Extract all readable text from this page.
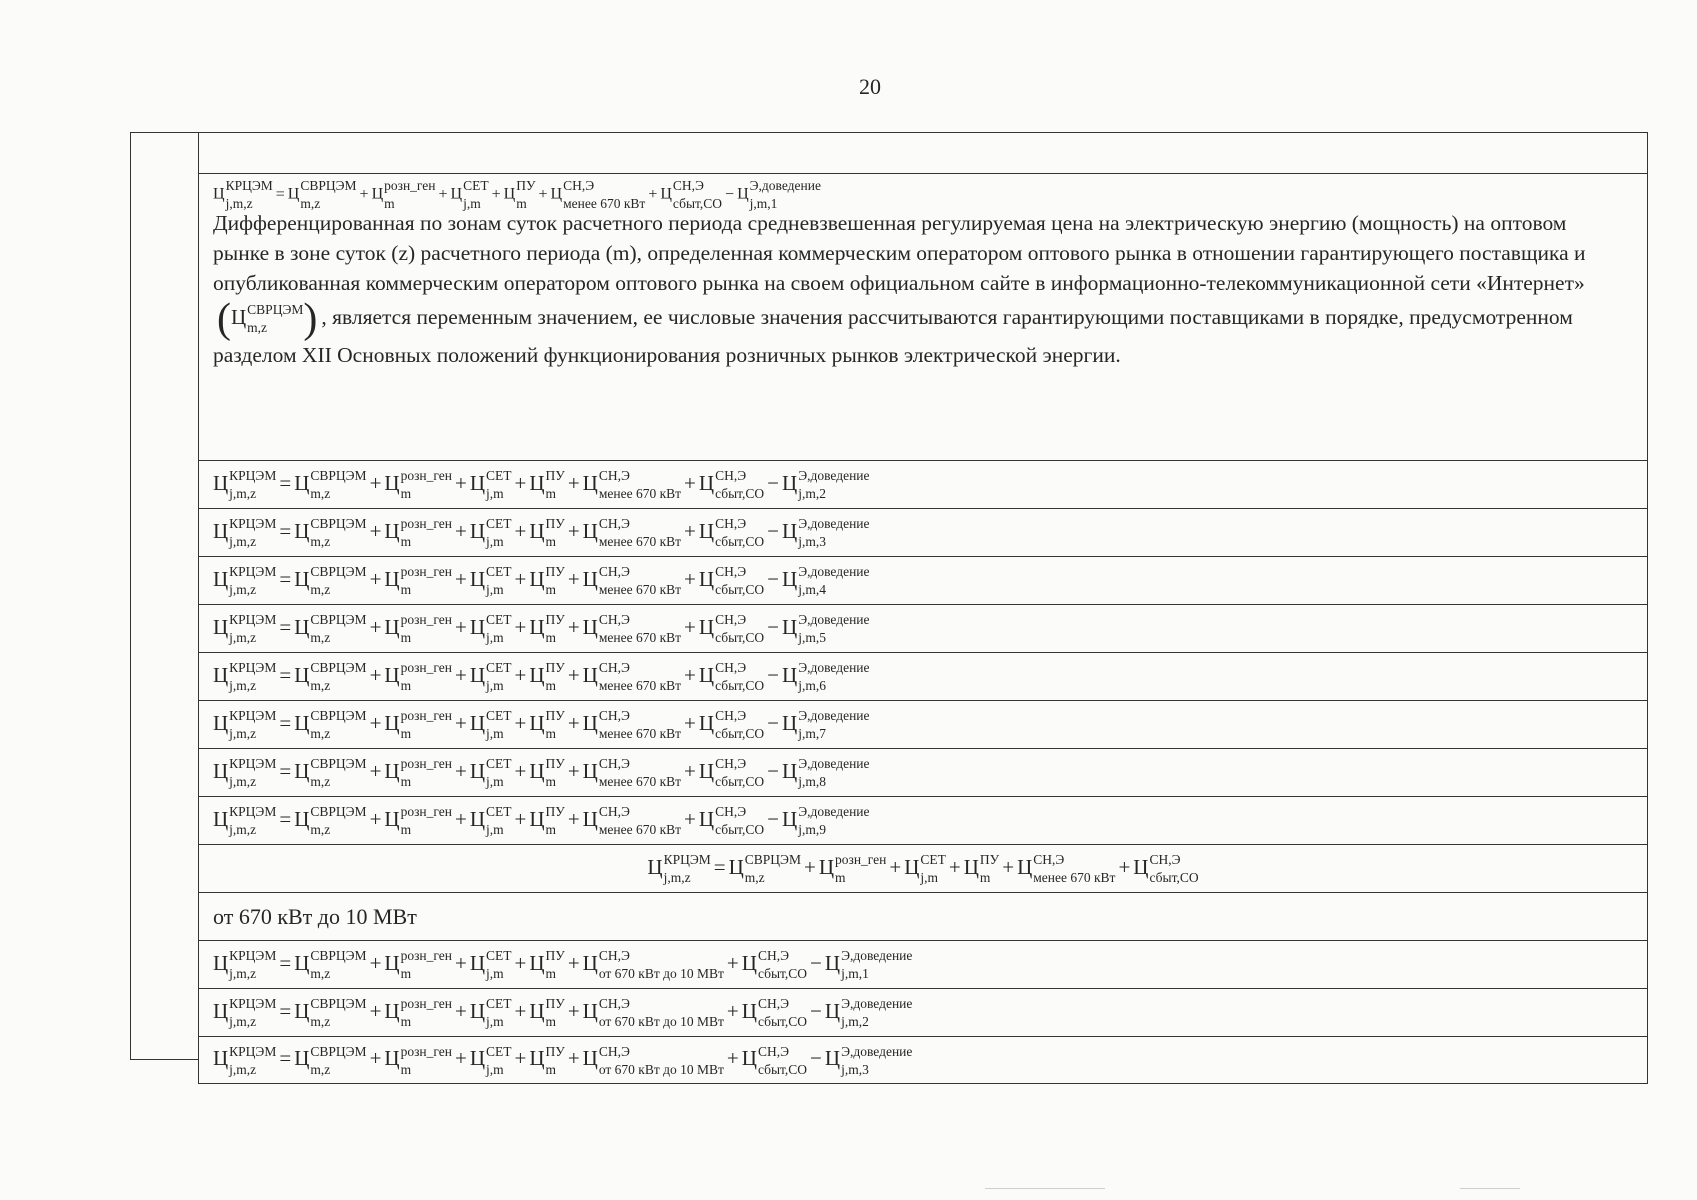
20
Ц
КРЦЭМ
j,m,z
= Ц
СВРЦЭМ
m,z
+ Ц
розн_ген
m
+ Ц
СЕТ
j,m
+ Ц
ПУ
m
+ Ц
СН,Э
менее 670 кВт
+ Ц
СН,Э
сбыт,СО
− Ц
Э,доведение
j,m,1
Дифференцированная по зонам суток расчетного периода средневзвешенная регулируемая цена на электрическую энергию (мощность) на оптовом рынке в зоне суток (z) расчетного периода (m), определенная коммерческим оператором оптового рынка в отношении гарантирующего поставщика и опубликованная коммерческим оператором оптового рынка на своем официальном сайте в информационно-телекоммуникационной сети «Интернет»(Ц СВРЦЭМ
m,z ) , является переменным значением, ее числовые значения рассчитываются гарантирующими поставщиками в порядке, предусмотренном разделом XII Основных положений функционирования розничных рынков электрической энергии.
Ц КРЦЭМ
j,m,z	= Ц СВРЦЭМ
m,z	+ Ц розн_ген
m	+ Ц СЕТ
j,m + Ц ПУ
m + Ц СН,Э
менее 670 кВт + Ц СН,Э
сбыт,СО − Ц Э,доведение
j,m,2
Ц КРЦЭМ
j,m,z	= Ц СВРЦЭМ
m,z	+ Ц розн_ген
m	+ Ц СЕТ
j,m + Ц ПУ
m + Ц СН,Э
менее 670 кВт + Ц СН,Э
сбыт,СО − Ц Э,доведение
j,m,3
Ц КРЦЭМ
j,m,z	= Ц СВРЦЭМ
m,z	+ Ц розн_ген
m	+ Ц СЕТ
j,m + Ц ПУ
m + Ц СН,Э
менее 670 кВт + Ц СН,Э
сбыт,СО − Ц Э,доведение
j,m,4
Ц КРЦЭМ
j,m,z	= Ц СВРЦЭМ
m,z	+ Ц розн_ген
m	+ Ц СЕТ
j,m + Ц ПУ
m + Ц СН,Э
менее 670 кВт + Ц СН,Э
сбыт,СО − Ц Э,доведение
j,m,5
Ц КРЦЭМ
j,m,z	= Ц СВРЦЭМ
m,z	+ Ц розн_ген
m	+ Ц СЕТ
j,m + Ц ПУ
m + Ц СН,Э
менее 670 кВт + Ц СН,Э
сбыт,СО − Ц Э,доведение
j,m,6
Ц КРЦЭМ
j,m,z	= Ц СВРЦЭМ
m,z	+ Ц розн_ген
m	+ Ц СЕТ
j,m + Ц ПУ
m + Ц СН,Э
менее 670 кВт + Ц СН,Э
сбыт,СО − Ц Э,доведение
j,m,7
Ц КРЦЭМ
j,m,z	= Ц СВРЦЭМ
m,z	+ Ц розн_ген
m	+ Ц СЕТ
j,m + Ц ПУ
m + Ц СН,Э
менее 670 кВт + Ц СН,Э
сбыт,СО − Ц Э,доведение
j,m,8
Ц КРЦЭМ
j,m,z	= Ц СВРЦЭМ
m,z	+ Ц розн_ген
m	+ Ц СЕТ
j,m + Ц ПУ
m + Ц СН,Э
менее 670 кВт + Ц СН,Э
сбыт,СО − Ц Э,доведение
j,m,9
Ц КРЦЭМ
j,m,z	= Ц СВРЦЭМ
m,z	+ Ц розн_ген
m	+ Ц СЕТ
j,m + Ц ПУ
m + Ц СН,Э
менее 670 кВт + Ц СН,Э
сбыт,СО
от 670 кВт до 10 МВт
Ц КРЦЭМ
j,m,z	= Ц СВРЦЭМ
m,z	+ Ц розн_ген
m	+ Ц СЕТ
j,m + Ц ПУ
m + Ц СН,Э
от 670 кВт до 10 МВт + Ц СН,Э
сбыт,СО − Ц Э,доведение
j,m,1
Ц КРЦЭМ
j,m,z	= Ц СВРЦЭМ
m,z	+ Ц розн_ген
m	+ Ц СЕТ
j,m + Ц ПУ
m + Ц СН,Э
от 670 кВт до 10 МВт + Ц СН,Э
сбыт,СО − Ц Э,доведение
j,m,2
Ц КРЦЭМ
j,m,z	= Ц СВРЦЭМ
m,z	+ Ц розн_ген
m	+ Ц СЕТ
j,m + Ц ПУ
m + Ц СН,Э
от 670 кВт до 10 МВт + Ц СН,Э
сбыт,СО − Ц Э,доведение
j,m,3
